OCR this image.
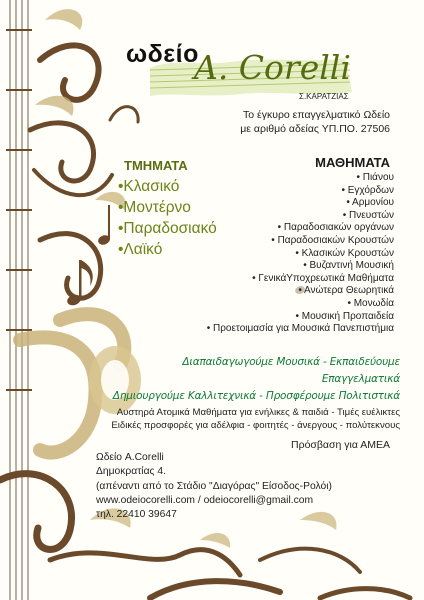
ωδείο
A. Corelli
Σ.ΚΑΡΑΤΖΙΑΣ
Το έγκυρο επαγγελματικό Ωδείο
με αριθμό αδείας ΥΠ.ΠΟ. 27506
ΤΜΗΜΑΤΑ
•Κλασικό
•Μοντέρνο
•Παραδοσιακό
•Λαϊκό
ΜΑΘΗΜΑΤΑ
• Πιάνου
• Εγχόρδων
• Αρμονίου
• Πνευστών
• Παραδοσιακών οργάνων
• Παραδοσιακών Κρουστών
• Κλασικών Κρουστών
• Βυζαντινή Μουσική
• ΓενικάΥποχρεωτικά Μαθήματα
• Ανώτερα Θεωρητικά
• Μονωδία
• Μουσική Προπαιδεία
• Προετοιμασία για Μουσικά Πανεπιστήμια
Διαπαιδαγωγούμε Μουσικά - Εκπαιδεύουμε Επαγγελματικά
Δημιουργούμε Καλλιτεχνικά - Προσφέρουμε Πολιτιστικά
Αυστηρά Ατομικά Μαθήματα για ενήλικες & παιδιά - Τιμές ευέλικτες
Ειδικές προσφορές για αδέλφια - φοιτητές - άνεργους - πολύτεκνους
Πρόσβαση για ΑΜΕΑ
Ωδείο A.Corelli
Δημοκρατίας 4.
(απέναντι από το Στάδιο "Διαγόρας" Είσοδος-Ρολόι)
www.odeiocorelli.com / odeiocorelli@gmail.com
τηλ. 22410 39647
